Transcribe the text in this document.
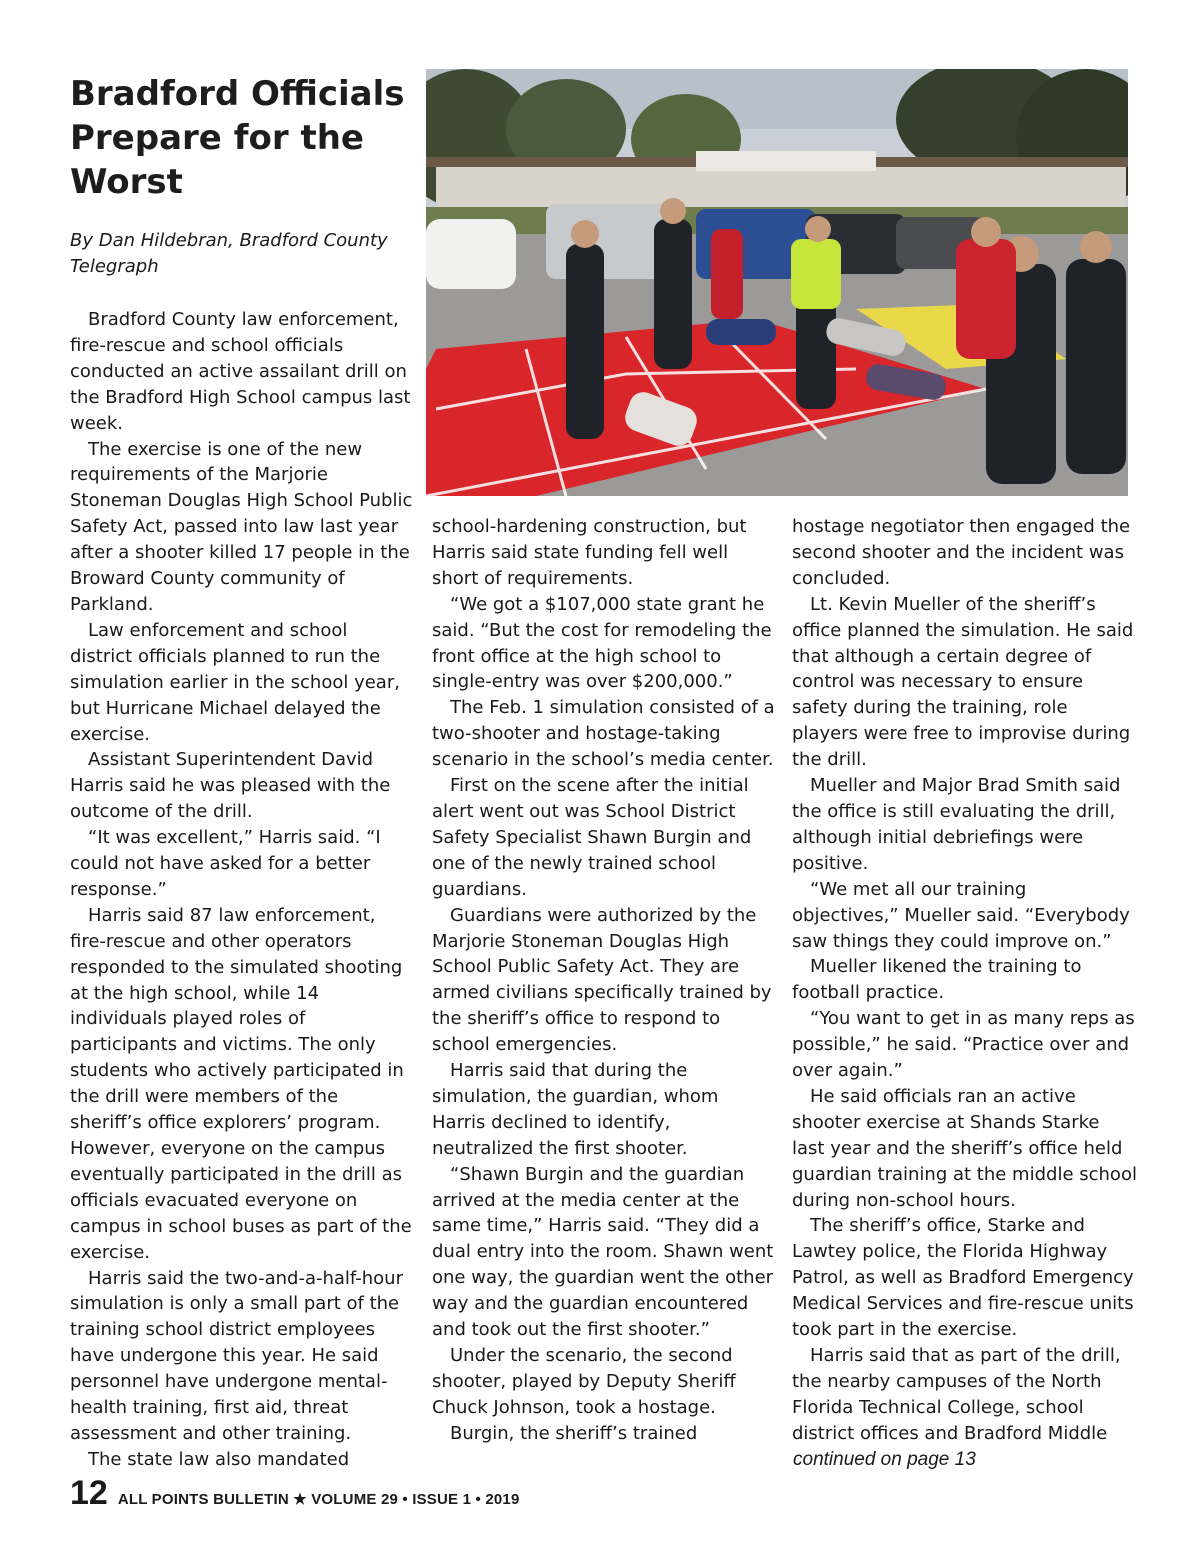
Bradford Officials Prepare for the Worst

By Dan Hildebran, Bradford County Telegraph

Bradford County law enforcement, fire-rescue and school officials conducted an active assailant drill on the Bradford High School campus last week.

The exercise is one of the new requirements of the Marjorie Stoneman Douglas High School Public Safety Act, passed into law last year after a shooter killed 17 people in the Broward County community of Parkland.

Law enforcement and school district officials planned to run the simulation earlier in the school year, but Hurricane Michael delayed the exercise.

Assistant Superintendent David Harris said he was pleased with the outcome of the drill.

“It was excellent,” Harris said. “I could not have asked for a better response.”

Harris said 87 law enforcement, fire-rescue and other operators responded to the simulated shooting at the high school, while 14 individuals played roles of participants and victims. The only students who actively participated in the drill were members of the sheriff’s office explorers’ program. However, everyone on the campus eventually participated in the drill as officials evacuated everyone on campus in school buses as part of the exercise.

Harris said the two-and-a-half-hour simulation is only a small part of the training school district employees have undergone this year. He said personnel have undergone mental-health training, first aid, threat assessment and other training.

The state law also mandated

school-hardening construction, but Harris said state funding fell well short of requirements.

“We got a $107,000 state grant he said. “But the cost for remodeling the front office at the high school to single-entry was over $200,000.”

The Feb. 1 simulation consisted of a two-shooter and hostage-taking scenario in the school’s media center.

First on the scene after the initial alert went out was School District Safety Specialist Shawn Burgin and one of the newly trained school guardians.

Guardians were authorized by the Marjorie Stoneman Douglas High School Public Safety Act. They are armed civilians specifically trained by the sheriff’s office to respond to school emergencies.

Harris said that during the simulation, the guardian, whom Harris declined to identify, neutralized the first shooter.

“Shawn Burgin and the guardian arrived at the media center at the same time,” Harris said. “They did a dual entry into the room. Shawn went one way, the guardian went the other way and the guardian encountered and took out the first shooter.”

Under the scenario, the second shooter, played by Deputy Sheriff Chuck Johnson, took a hostage.

Burgin, the sheriff’s trained

hostage negotiator then engaged the second shooter and the incident was concluded.

Lt. Kevin Mueller of the sheriff’s office planned the simulation. He said that although a certain degree of control was necessary to ensure safety during the training, role players were free to improvise during the drill.

Mueller and Major Brad Smith said the office is still evaluating the drill, although initial debriefings were positive.

“We met all our training objectives,” Mueller said. “Everybody saw things they could improve on.”

Mueller likened the training to football practice.

“You want to get in as many reps as possible,” he said. “Practice over and over again.”

He said officials ran an active shooter exercise at Shands Starke last year and the sheriff’s office held guardian training at the middle school during non-school hours.

The sheriff’s office, Starke and Lawtey police, the Florida Highway Patrol, as well as Bradford Emergency Medical Services and fire-rescue units took part in the exercise.

Harris said that as part of the drill, the nearby campuses of the North Florida Technical College, school district offices and Bradford Middle

continued on page 13
12 ALL POINTS BULLETIN ★ VOLUME 29 • ISSUE 1 • 2019
